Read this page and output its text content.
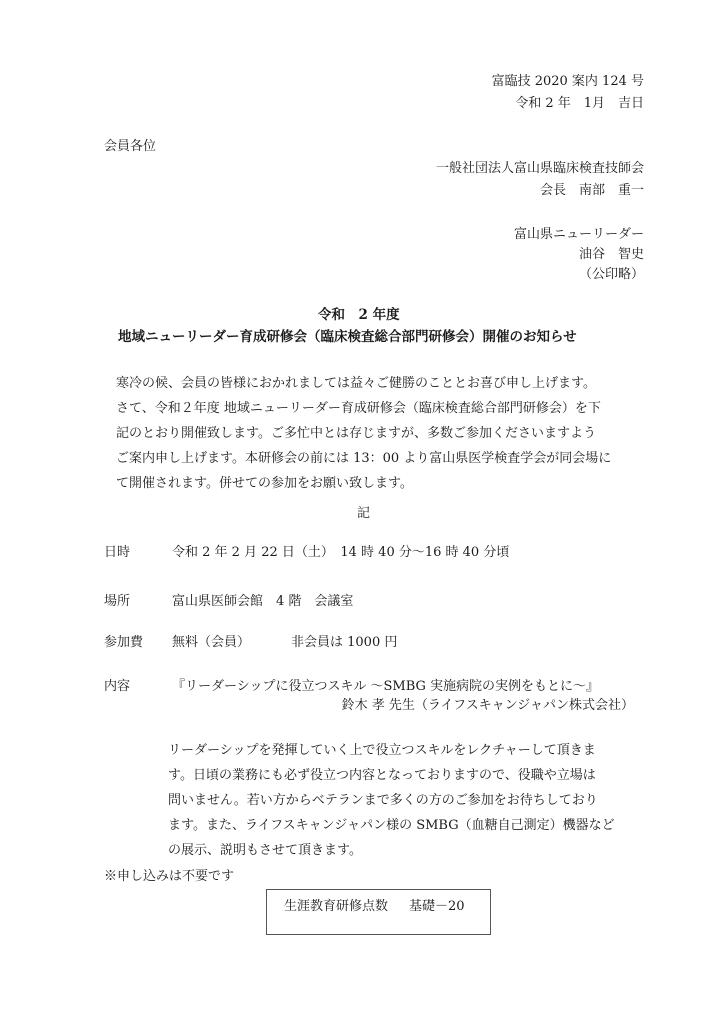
富臨技 2020 案内 124 号
令和 2 年　1月　吉日
会員各位
一般社団法人富山県臨床検査技師会
会長　南部　重一
富山県ニューリーダー
油谷　智史
（公印略）
令和　2 年度
地域ニューリーダー育成研修会（臨床検査総合部門研修会）開催のお知らせ
寒冷の候、会員の皆様におかれましては益々ご健勝のこととお喜び申し上げます。
さて、令和２年度 地域ニューリーダー育成研修会（臨床検査総合部門研修会）を下
記のとおり開催致します。ご多忙中とは存じますが、多数ご参加くださいますよう
ご案内申し上げます。本研修会の前には 13：00 より富山県医学検査学会が同会場に
て開催されます。併せての参加をお願い致します。
記
日時	令和 2 年 2 月 22 日（土）　14 時 40 分〜16 時 40 分頃
場所	富山県医師会館　4 階　会議室
参加費 無料（会員）	非会員は 1000 円
内容	『リーダーシップに役立つスキル 〜SMBG 実施病院の実例をもとに〜』
鈴木 孝 先生（ライフスキャンジャパン株式会社）
リーダーシップを発揮していく上で役立つスキルをレクチャーして頂きま
す。日頃の業務にも必ず役立つ内容となっておりますので、役職や立場は
問いません。若い方からベテランまで多くの方のご参加をお待ちしており
ます。また、ライフスキャンジャパン様の SMBG（血糖自己測定）機器など
の展示、説明もさせて頂きます。
※申し込みは不要です
生涯教育研修点数 基礎－20
